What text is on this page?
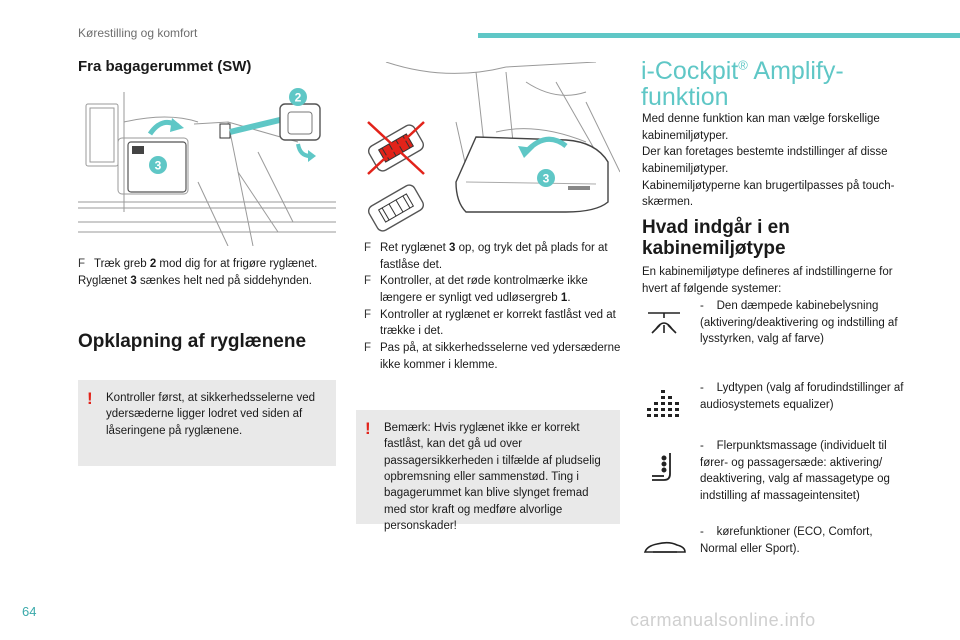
Kørestilling og komfort
Fra bagagerummet (SW)
2
3
F Træk greb 2 mod dig for at frigøre ryglænet.

Ryglænet 3 sænkes helt ned på siddehynden.

Opklapning af ryglænene
! Kontroller først, at sikkerhedsselerne ved ydersæderne ligger lodret ved siden af låseringene på ryglænene.
3
F Ret ryglænet 3 op, og tryk det på plads for at fastlåse det.
F Kontroller, at det røde kontrolmærke ikke længere er synligt ved udløsergreb 1.
F Kontroller at ryglænet er korrekt fastlåst ved at trække i det.
F Pas på, at sikkerhedsselerne ved ydersæderne ikke kommer i klemme.
! Bemærk: Hvis ryglænet ikke er korrekt fastlåst, kan det gå ud over passagersikkerheden i tilfælde af pludselig opbremsning eller sammenstød. Ting i bagagerummet kan blive slynget fremad med stor kraft og medføre alvorlige personskader!
i-Cockpit® Amplify-
funktion

Med denne funktion kan man vælge forskellige kabinemiljøtyper.

Der kan foretages bestemte indstillinger af disse kabinemiljøtyper.

Kabinemiljøtyperne kan brugertilpasses på touch-skærmen.

Hvad indgår i en
kabinemiljøtype
En kabinemiljøtype defineres af indstillingerne for hvert af følgende systemer:
- Den dæmpede kabinebelysning (aktivering/deaktivering og indstilling af lysstyrken, valg af farve)
- Lydtypen (valg af forudindstillinger af audiosystemets equalizer)
- Flerpunktsmassage (individuelt til fører- og passagersæde: aktivering/ deaktivering, valg af massagetype og indstilling af massageintensitet)
- kørefunktioner (ECO, Comfort, Normal eller Sport).
64	carmanualsonline.info
